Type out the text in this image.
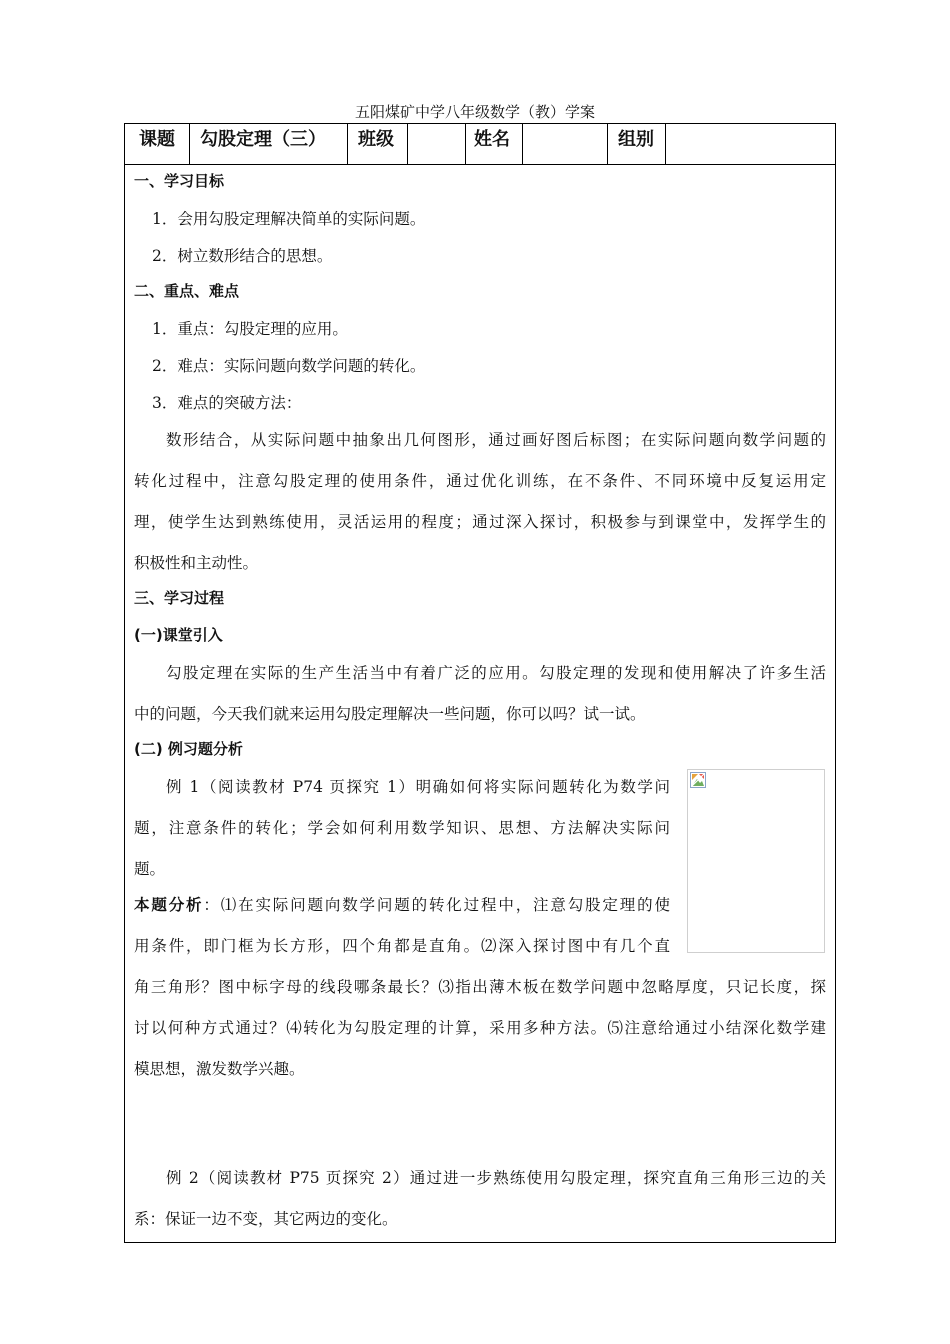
五阳煤矿中学八年级数学（教）学案
课题	勾股定理（三）	班级	姓名	组别
一、学习目标
1．会用勾股定理解决简单的实际问题。
2．树立数形结合的思想。
二、重点、难点
1．重点：勾股定理的应用。
2．难点：实际问题向数学问题的转化。
3．难点的突破方法：
数形结合，从实际问题中抽象出几何图形，通过画好图后标图；在实际问题向数学问题的
转化过程中，注意勾股定理的使用条件，通过优化训练，在不条件、不同环境中反复运用定
理，使学生达到熟练使用，灵活运用的程度；通过深入探讨，积极参与到课堂中，发挥学生的
积极性和主动性。
三、学习过程
(一)课堂引入
勾股定理在实际的生产生活当中有着广泛的应用。勾股定理的发现和使用解决了许多生活
中的问题，今天我们就来运用勾股定理解决一些问题，你可以吗？试一试。
(二) 例习题分析
例 1（阅读教材 P74 页探究 1）明确如何将实际问题转化为数学问
题，注意条件的转化；学会如何利用数学知识、思想、方法解决实际问
题。
本题分析：⑴在实际问题向数学问题的转化过程中，注意勾股定理的使
用条件，即门框为长方形，四个角都是直角。⑵深入探讨图中有几个直
角三角形？图中标字母的线段哪条最长？⑶指出薄木板在数学问题中忽略厚度，只记长度，探
讨以何种方式通过？⑷转化为勾股定理的计算，采用多种方法。⑸注意给通过小结深化数学建
模思想，激发数学兴趣。
例 2（阅读教材 P75 页探究 2）通过进一步熟练使用勾股定理，探究直角三角形三边的关
系：保证一边不变，其它两边的变化。
